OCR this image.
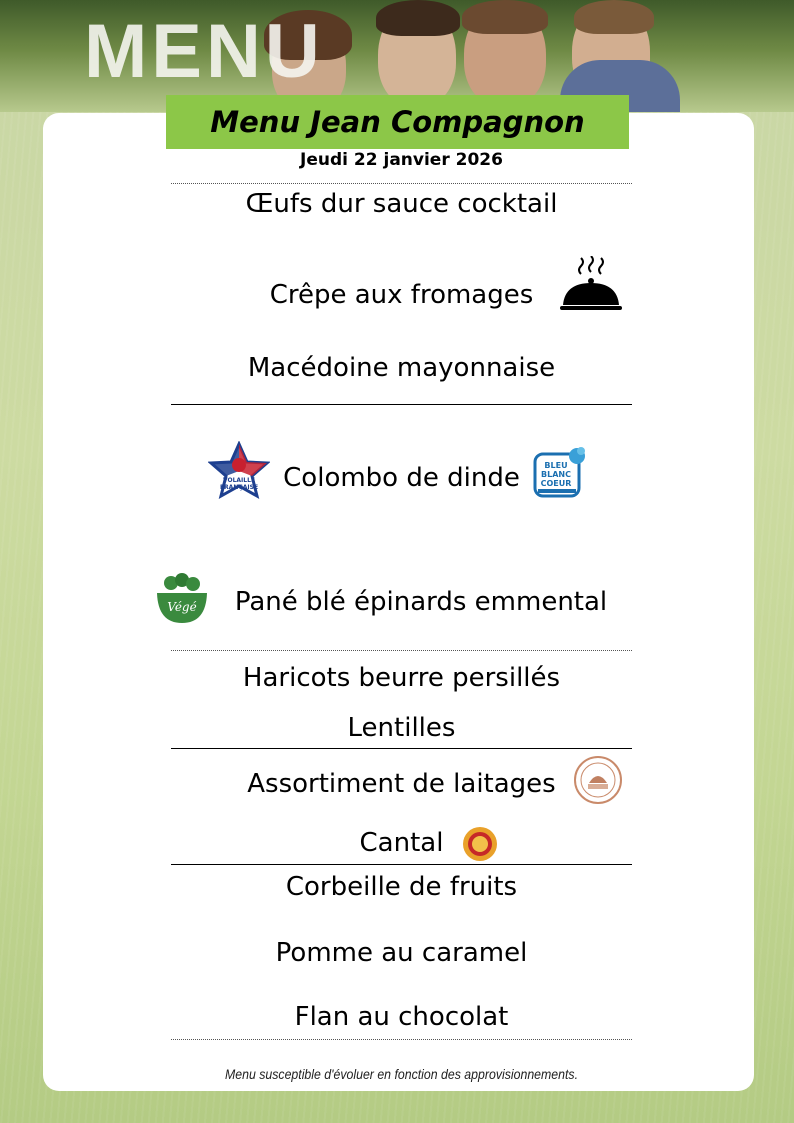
MENU
Menu Jean Compagnon
Jeudi 22 janvier 2026
Œufs dur sauce cocktail
Crêpe aux fromages
Macédoine mayonnaise
VOLAILLE
FRANÇAISE Colombo de dinde	BLEU
BLANC
COEUR
Végé	Pané blé épinards emmental
Haricots beurre persillés
Lentilles
Assortiment de laitages
Cantal
Corbeille de fruits
Pomme au caramel
Flan au chocolat
Menu susceptible d'évoluer en fonction des approvisionnements.
